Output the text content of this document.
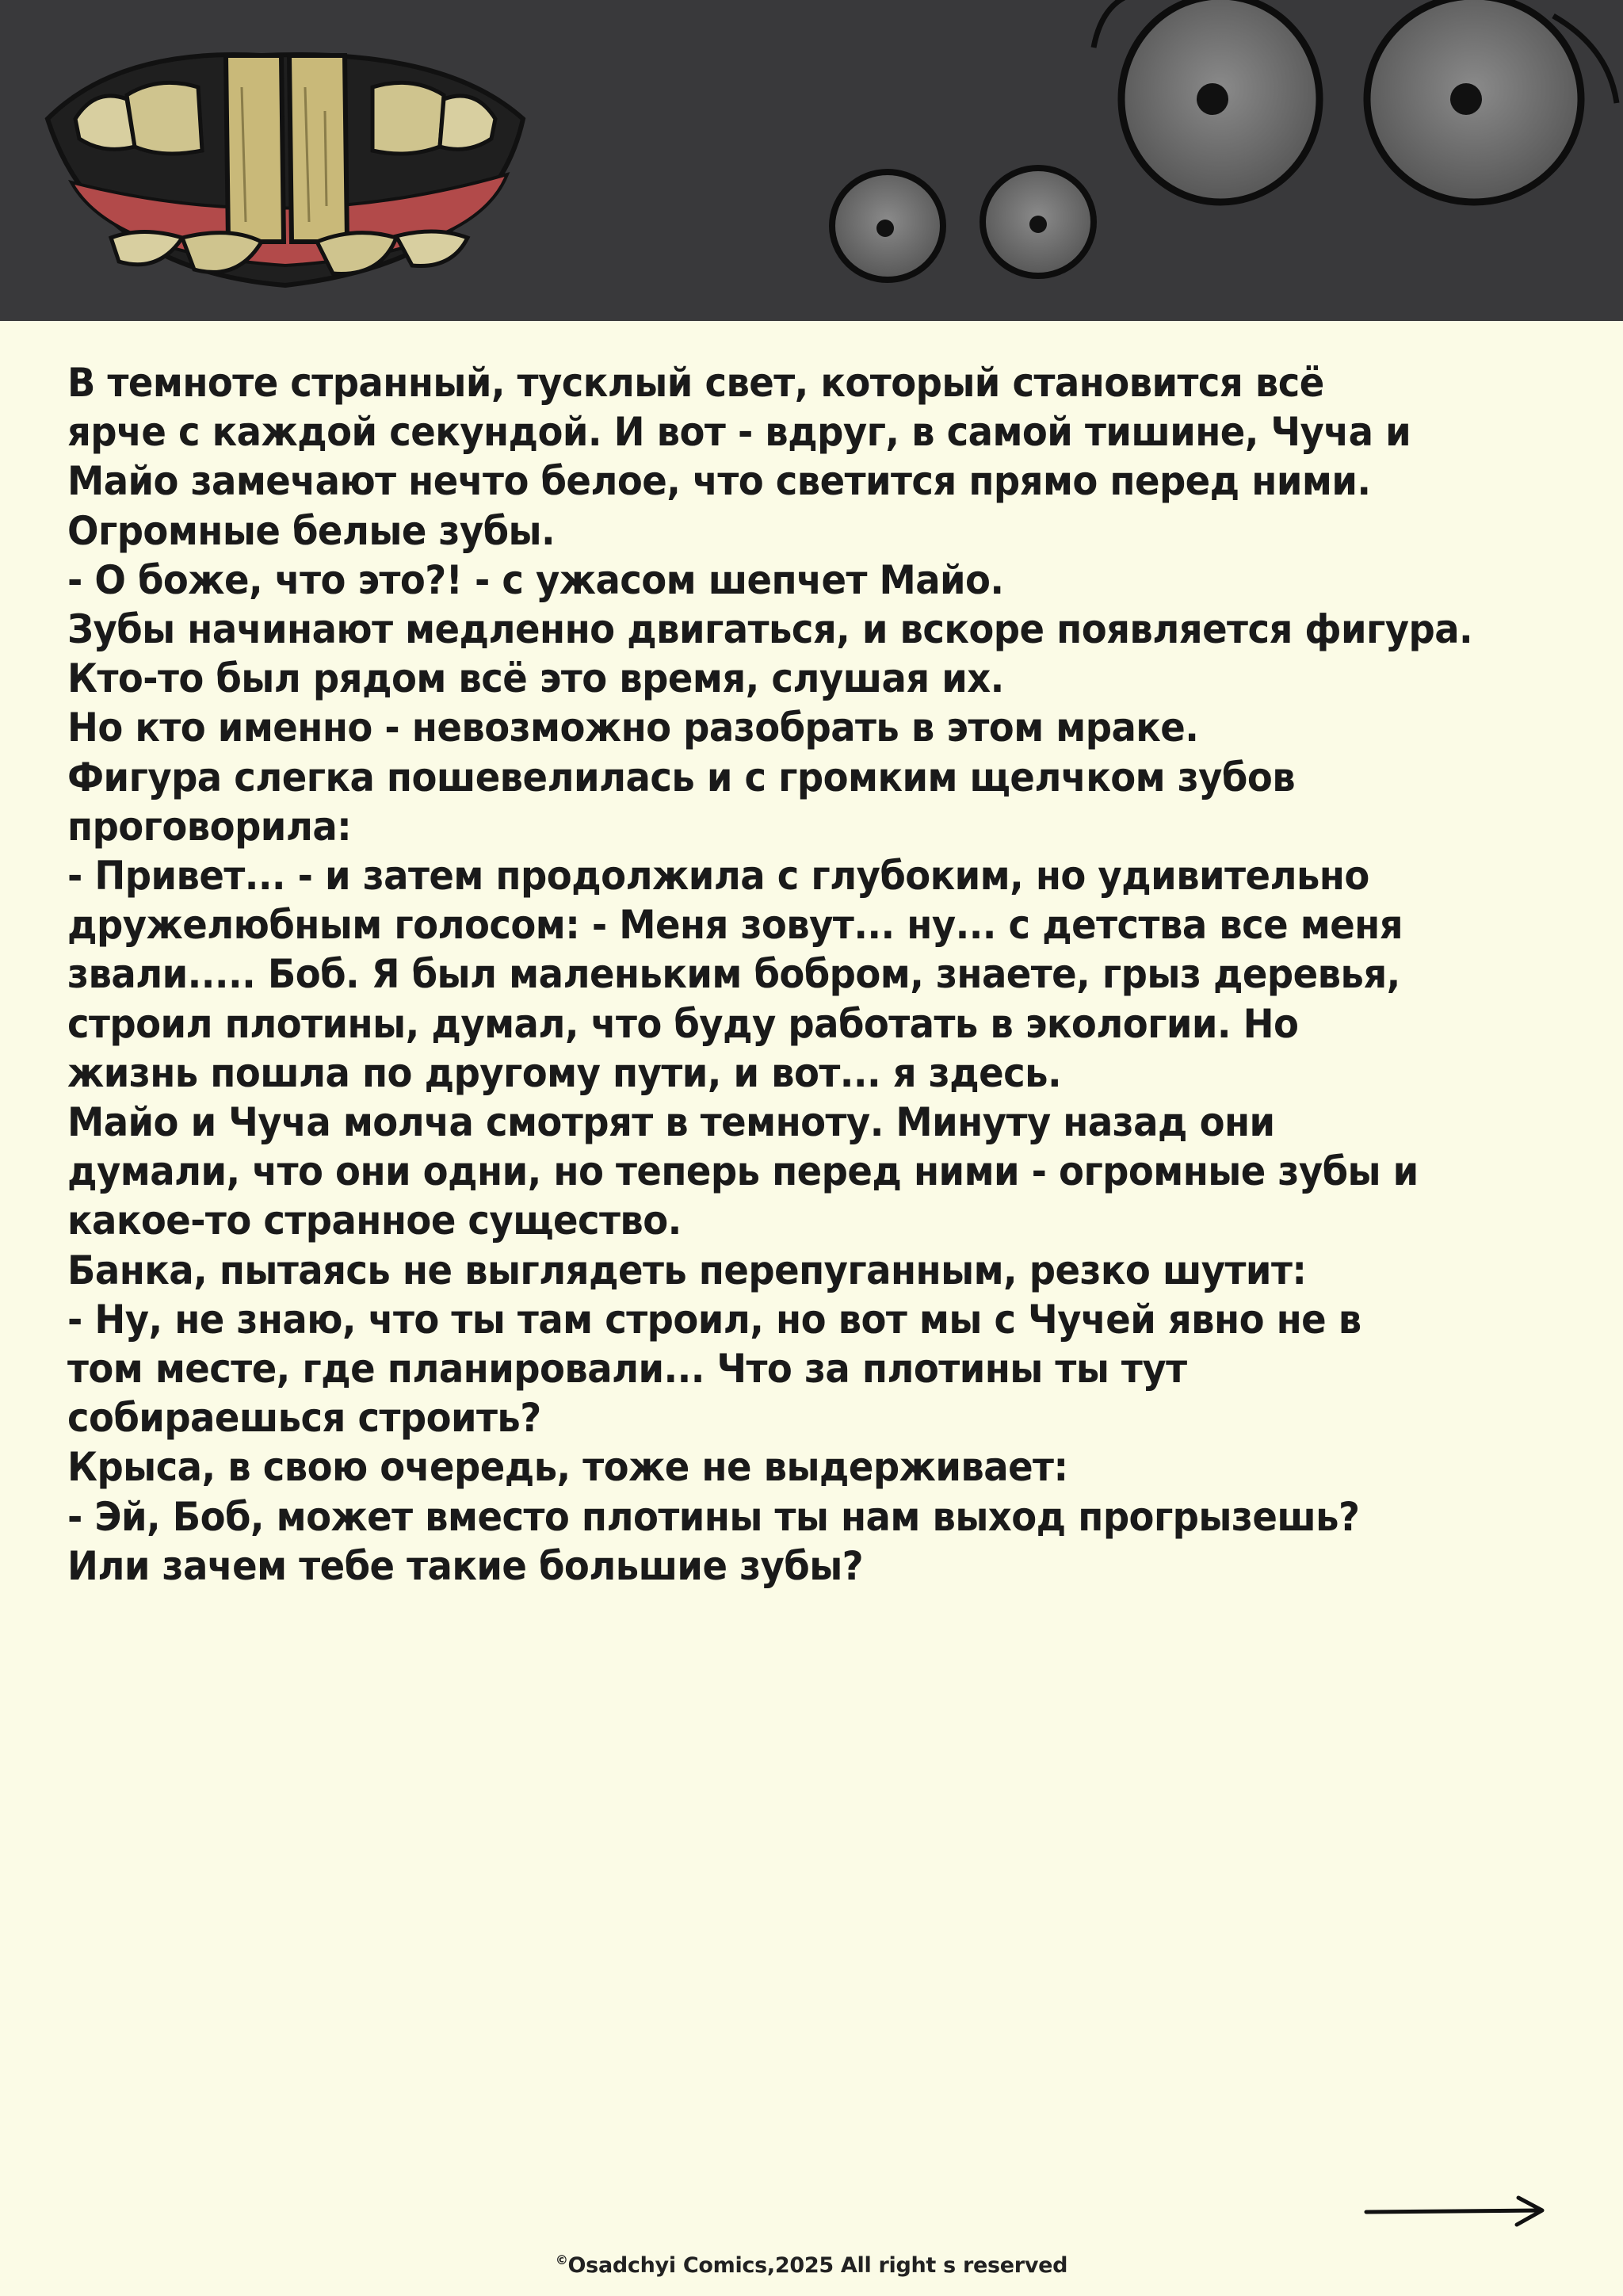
В темноте странный, тусклый свет, который становится всё
ярче с каждой секундой. И вот - вдруг, в самой тишине, Чуча и
Майо замечают нечто белое, что светится прямо перед ними.
Огромные белые зубы.
- О боже, что это?! - с ужасом шепчет Майо.
Зубы начинают медленно двигаться, и вскоре появляется фигура.
Кто-то был рядом всё это время, слушая их.
Но кто именно - невозможно разобрать в этом мраке.
Фигура слегка пошевелилась и с громким щелчком зубов
проговорила:
- Привет... - и затем продолжила с глубоким, но удивительно
дружелюбным голосом: - Меня зовут... ну... с детства все меня
звали..... Боб. Я был маленьким бобром, знаете, грыз деревья,
строил плотины, думал, что буду работать в экологии. Но
жизнь пошла по другому пути, и вот... я здесь.
Майо и Чуча молча смотрят в темноту. Минуту назад они
думали, что они одни, но теперь перед ними - огромные зубы и
какое-то странное существо.
Банка, пытаясь не выглядеть перепуганным, резко шутит:
- Ну, не знаю, что ты там строил, но вот мы с Чучей явно не в
том месте, где планировали... Что за плотины ты тут
собираешься строить?
Крыса, в свою очередь, тоже не выдерживает:
- Эй, Боб, может вместо плотины ты нам выход прогрызешь?
Или зачем тебе такие большие зубы?
©Osadchyi Comics,2025 All right s reserved
